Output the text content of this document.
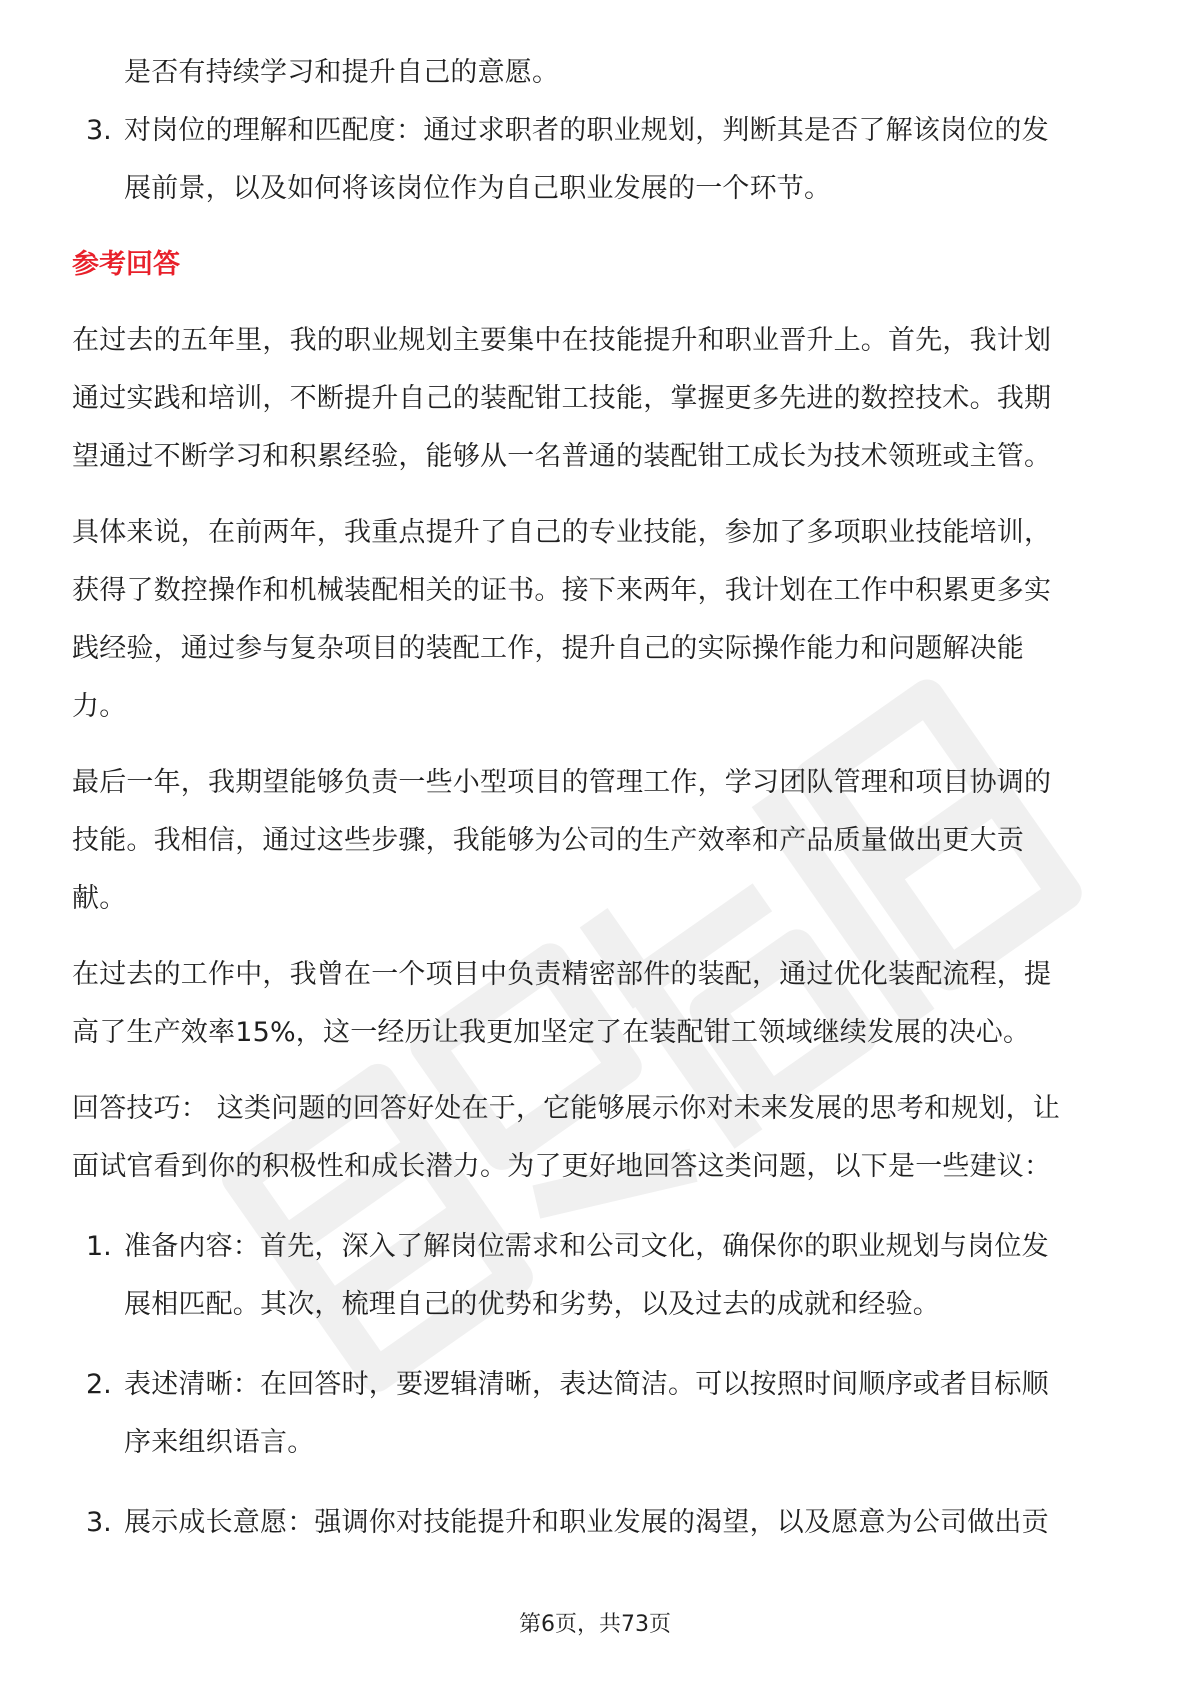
是否有持续学习和提升自己的意愿。
3. 对岗位的理解和匹配度：通过求职者的职业规划，判断其是否了解该岗位的发
展前景，以及如何将该岗位作为自己职业发展的一个环节。
参考回答
在过去的五年里，我的职业规划主要集中在技能提升和职业晋升上。首先，我计划
通过实践和培训，不断提升自己的装配钳工技能，掌握更多先进的数控技术。我期
望通过不断学习和积累经验，能够从一名普通的装配钳工成长为技术领班或主管。
具体来说，在前两年，我重点提升了自己的专业技能，参加了多项职业技能培训，
获得了数控操作和机械装配相关的证书。接下来两年，我计划在工作中积累更多实
践经验，通过参与复杂项目的装配工作，提升自己的实际操作能力和问题解决能
力。
最后一年，我期望能够负责一些小型项目的管理工作，学习团队管理和项目协调的
技能。我相信，通过这些步骤，我能够为公司的生产效率和产品质量做出更大贡
献。
在过去的工作中，我曾在一个项目中负责精密部件的装配，通过优化装配流程，提
高了生产效率15%，这一经历让我更加坚定了在装配钳工领域继续发展的决心。
回答技巧： 这类问题的回答好处在于，它能够展示你对未来发展的思考和规划，让
面试官看到你的积极性和成长潜力。为了更好地回答这类问题，以下是一些建议：
1. 准备内容：首先，深入了解岗位需求和公司文化，确保你的职业规划与岗位发
展相匹配。其次，梳理自己的优势和劣势，以及过去的成就和经验。
2. 表述清晰：在回答时，要逻辑清晰，表达简洁。可以按照时间顺序或者目标顺
序来组织语言。
3. 展示成长意愿：强调你对技能提升和职业发展的渴望，以及愿意为公司做出贡
第6页，共73页
